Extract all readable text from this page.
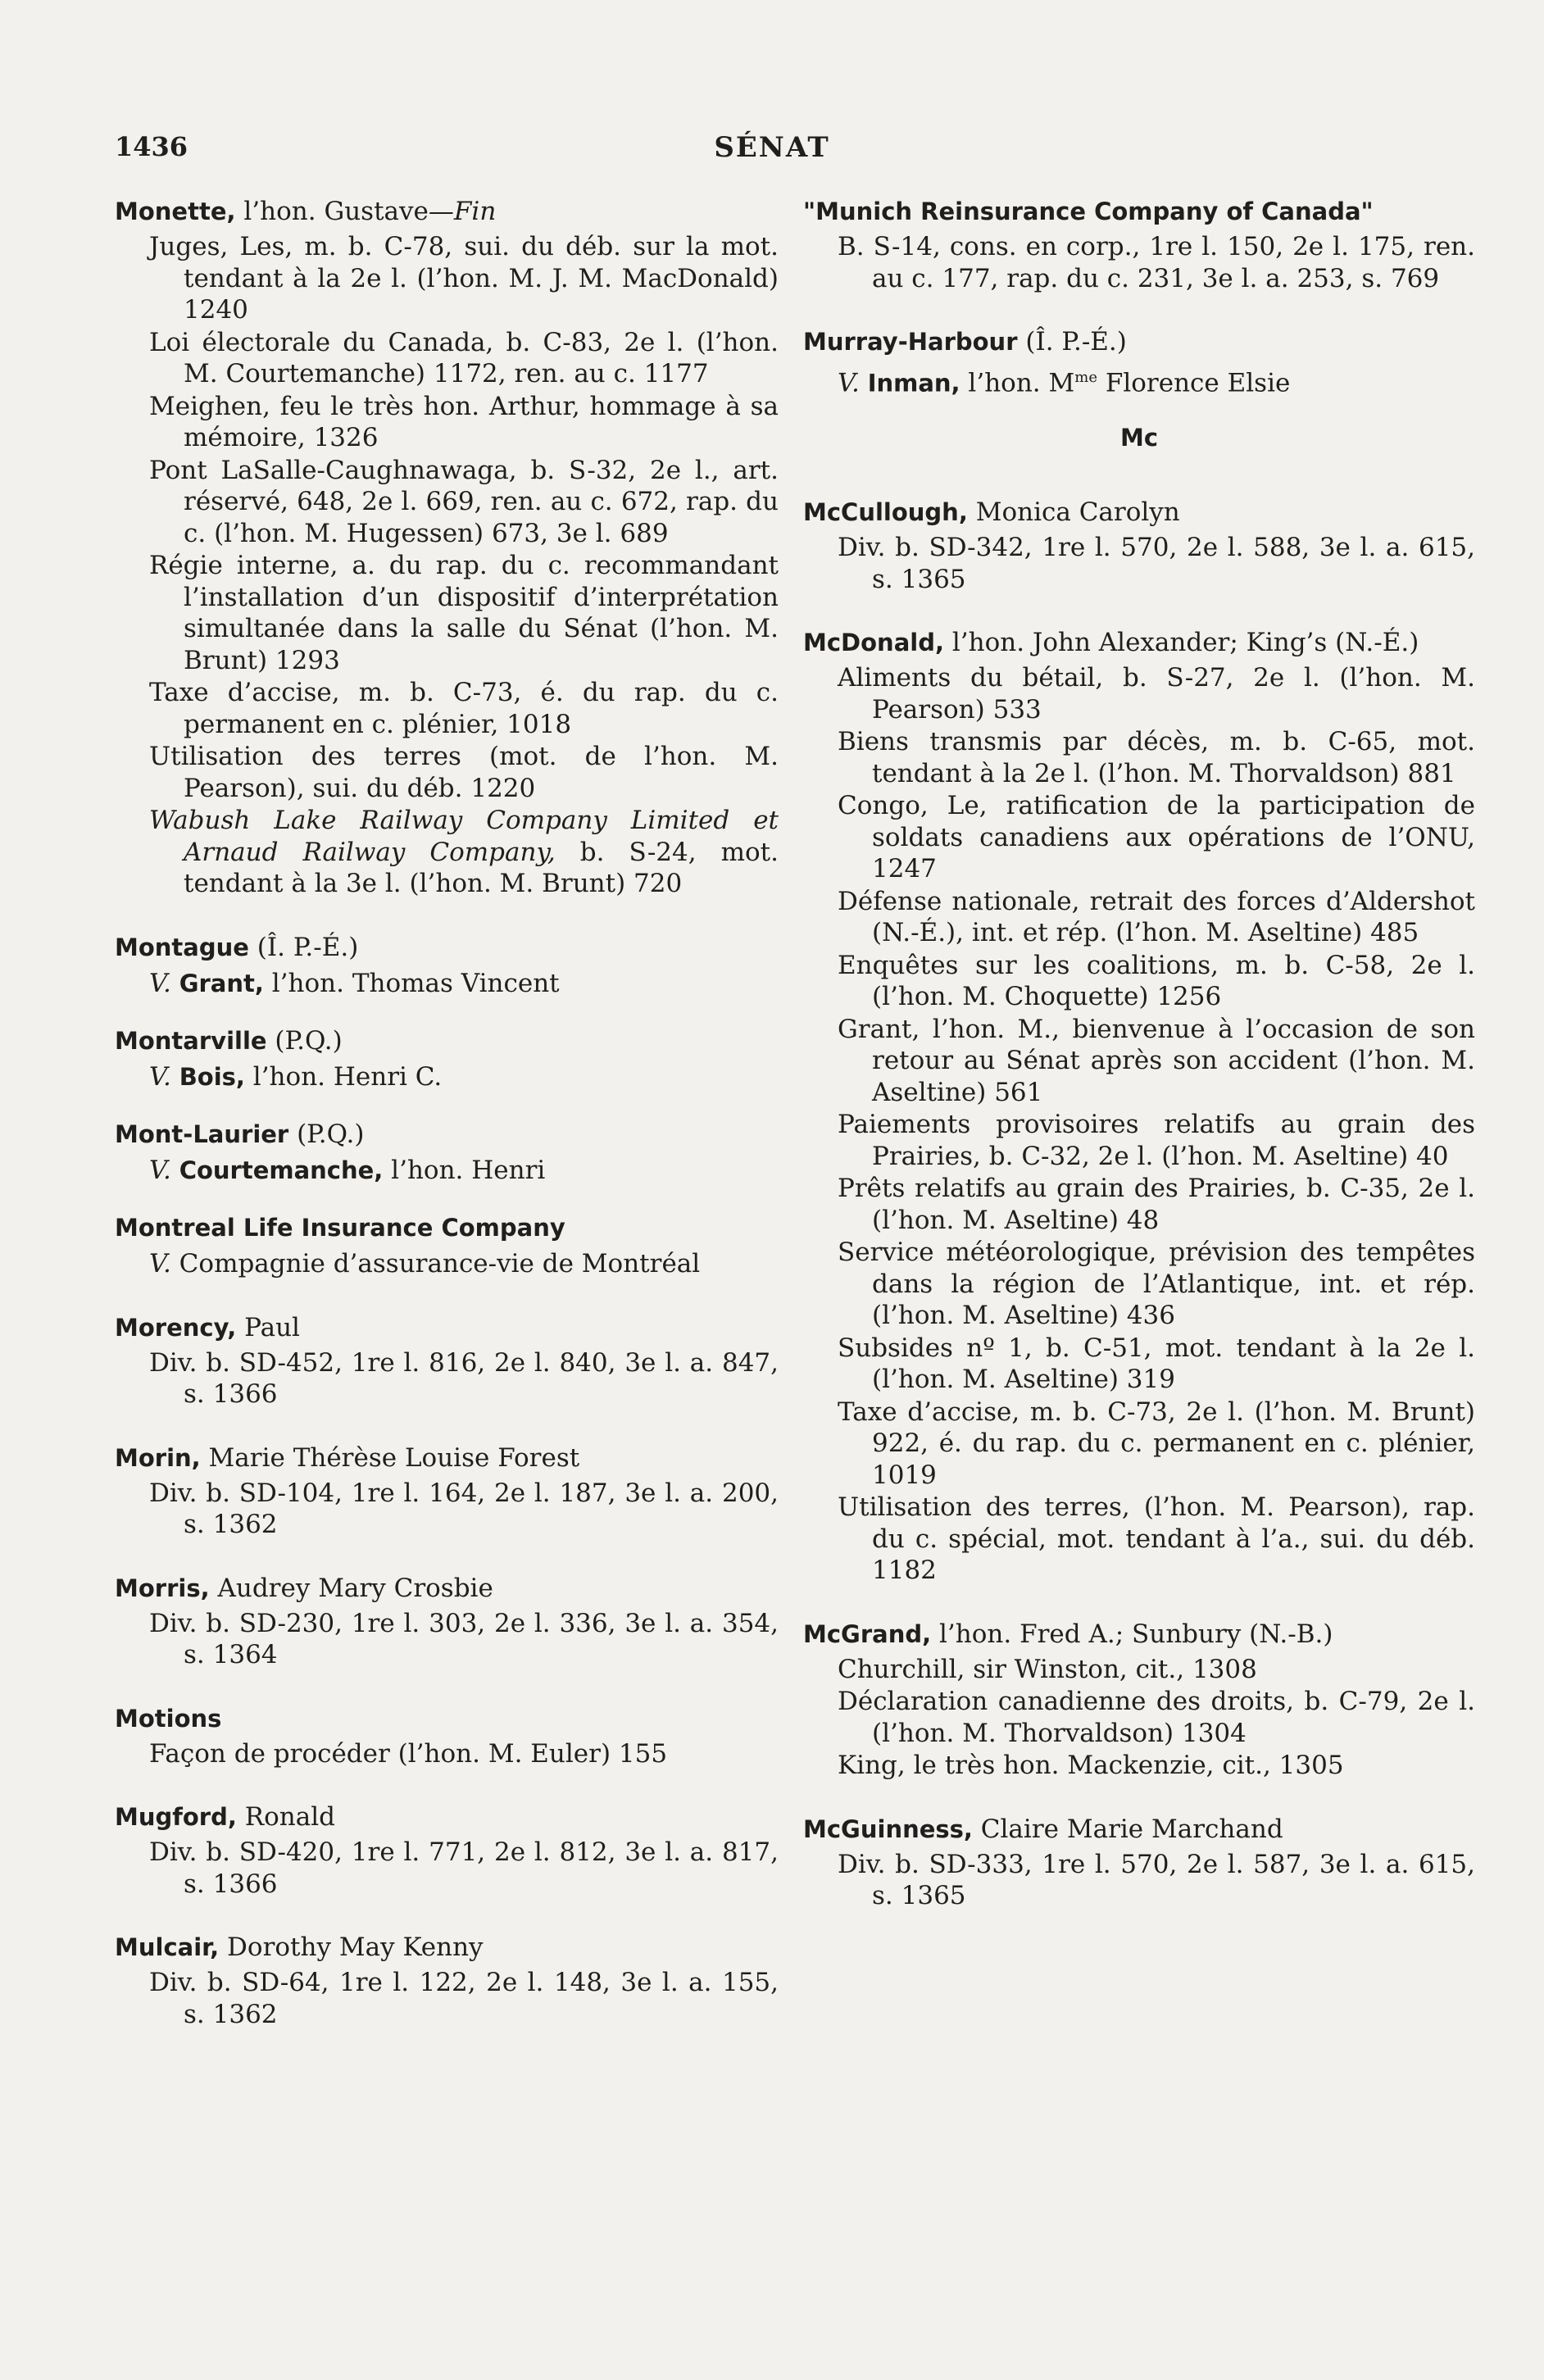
1436	SÉNAT
Monette, l’hon. Gustave—Fin

Juges, Les, m. b. C-78, sui. du déb. sur la mot. tendant à la 2e l. (l’hon. M. J. M. MacDonald) 1240

Loi électorale du Canada, b. C-83, 2e l. (l’hon. M. Courtemanche) 1172, ren. au c. 1177

Meighen, feu le très hon. Arthur, hommage à sa mémoire, 1326

Pont LaSalle-Caughnawaga, b. S-32, 2e l., art. réservé, 648, 2e l. 669, ren. au c. 672, rap. du c. (l’hon. M. Hugessen) 673, 3e l. 689

Régie interne, a. du rap. du c. recommandant l’installation d’un dispositif d’interprétation simultanée dans la salle du Sénat (l’hon. M. Brunt) 1293

Taxe d’accise, m. b. C-73, é. du rap. du c. permanent en c. plénier, 1018

Utilisation des terres (mot. de l’hon. M. Pearson), sui. du déb. 1220

Wabush Lake Railway Company Limited et Arnaud Railway Company, b. S-24, mot. tendant à la 3e l. (l’hon. M. Brunt) 720

Montague (Î. P.-É.)
V. Grant, l’hon. Thomas Vincent
Montarville (P.Q.)
V. Bois, l’hon. Henri C.
Mont-Laurier (P.Q.)
V. Courtemanche, l’hon. Henri
Montreal Life Insurance Company
V. Compagnie d’assurance-vie de Montréal
Morency, Paul

Div. b. SD-452, 1re l. 816, 2e l. 840, 3e l. a. 847, s. 1366

Morin, Marie Thérèse Louise Forest

Div. b. SD-104, 1re l. 164, 2e l. 187, 3e l. a. 200, s. 1362

Morris, Audrey Mary Crosbie

Div. b. SD-230, 1re l. 303, 2e l. 336, 3e l. a. 354, s. 1364

Motions

Façon de procéder (l’hon. M. Euler) 155

Mugford, Ronald

Div. b. SD-420, 1re l. 771, 2e l. 812, 3e l. a. 817, s. 1366

Mulcair, Dorothy May Kenny

Div. b. SD-64, 1re l. 122, 2e l. 148, 3e l. a. 155, s. 1362

"Munich Reinsurance Company of Canada"

B. S-14, cons. en corp., 1re l. 150, 2e l. 175, ren. au c. 177, rap. du c. 231, 3e l. a. 253, s. 769

Murray-Harbour (Î. P.-É.)
V. Inman, l’hon. $M^{me}$ Florence Elsie
Mc
McCullough, Monica Carolyn

Div. b. SD-342, 1re l. 570, 2e l. 588, 3e l. a. 615, s. 1365

McDonald, l’hon. John Alexander; King’s (N.-É.)

Aliments du bétail, b. S-27, 2e l. (l’hon. M. Pearson) 533

Biens transmis par décès, m. b. C-65, mot. tendant à la 2e l. (l’hon. M. Thorvaldson) 881

Congo, Le, ratification de la participation de soldats canadiens aux opérations de l’ONU, 1247

Défense nationale, retrait des forces d’Aldershot (N.-É.), int. et rép. (l’hon. M. Aseltine) 485

Enquêtes sur les coalitions, m. b. C-58, 2e l. (l’hon. M. Choquette) 1256

Grant, l’hon. M., bienvenue à l’occasion de son retour au Sénat après son accident (l’hon. M. Aseltine) 561

Paiements provisoires relatifs au grain des Prairies, b. C-32, 2e l. (l’hon. M. Aseltine) 40

Prêts relatifs au grain des Prairies, b. C-35, 2e l. (l’hon. M. Aseltine) 48

Service météorologique, prévision des tempêtes dans la région de l’Atlantique, int. et rép. (l’hon. M. Aseltine) 436

Subsides nº 1, b. C-51, mot. tendant à la 2e l. (l’hon. M. Aseltine) 319

Taxe d’accise, m. b. C-73, 2e l. (l’hon. M. Brunt) 922, é. du rap. du c. permanent en c. plénier, 1019

Utilisation des terres, (l’hon. M. Pearson), rap. du c. spécial, mot. tendant à l’a., sui. du déb. 1182

McGrand, l’hon. Fred A.; Sunbury (N.-B.)

Churchill, sir Winston, cit., 1308

Déclaration canadienne des droits, b. C-79, 2e l. (l’hon. M. Thorvaldson) 1304

King, le très hon. Mackenzie, cit., 1305

McGuinness, Claire Marie Marchand

Div. b. SD-333, 1re l. 570, 2e l. 587, 3e l. a. 615, s. 1365
